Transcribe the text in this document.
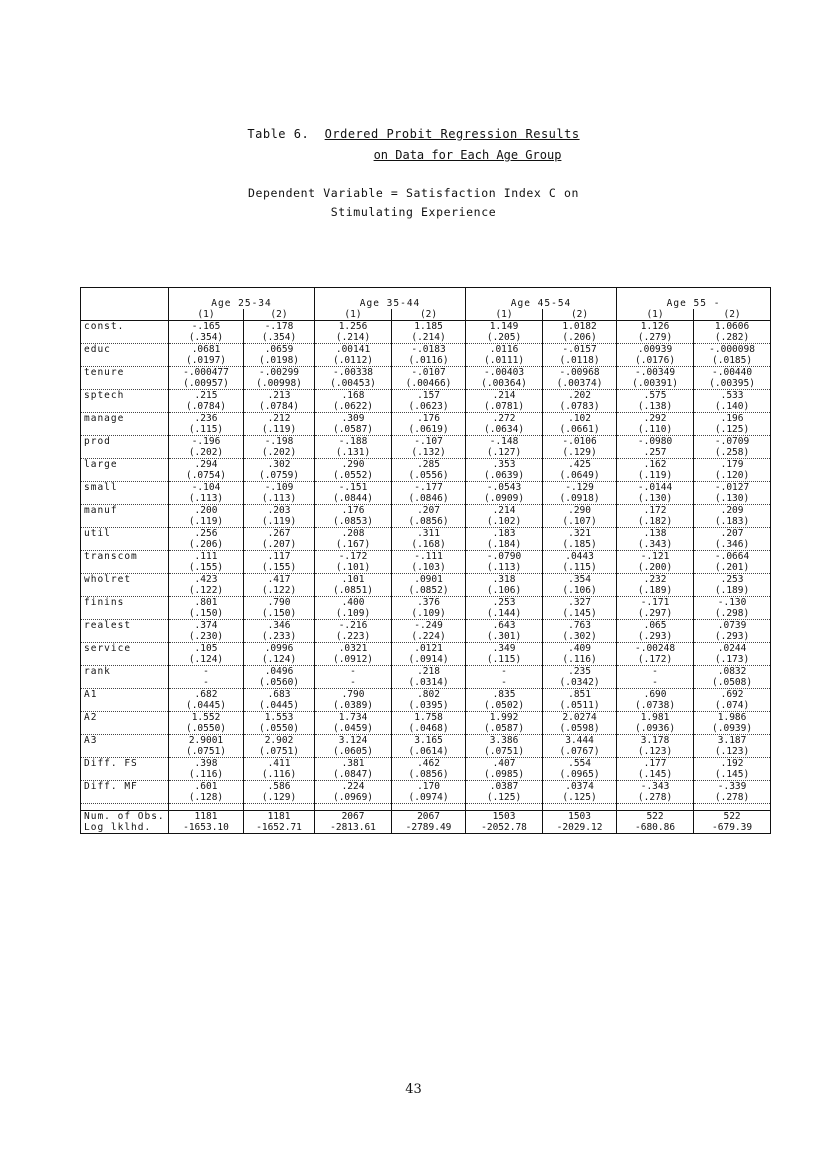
Table 6. Ordered Probit Regression Results
on Data for Each Age Group
Dependent Variable = Satisfaction Index C on
Stimulating Experience
	Age 25-34		Age 35-44		Age 45-54		Age 55 -	
	(1)	(2)	(1)	(2)	(1)	(2)	(1)	(2)
const.	-.165	-.178	1.256	1.185	1.149	1.0182	1.126	1.0606
	(.354)	(.354)	(.214)	(.214)	(.205)	(.206)	(.279)	(.282)
educ	.0681	.0659	.00141	-.0183	.0116	-.0157	.00939	-.000098
	(.0197)	(.0198)	(.0112)	(.0116)	(.0111)	(.0118)	(.0176)	(.0185)
tenure	-.000477	-.00299	-.00338	-.0107	-.00403	-.00968	-.00349	-.00440
	(.00957)	(.00998)	(.00453)	(.00466)	(.00364)	(.00374)	(.00391)	(.00395)
sptech	.215	.213	.168	.157	.214	.202	.575	.533
	(.0784)	(.0784)	(.0622)	(.0623)	(.0781)	(.0783)	(.138)	(.140)
manage	.236	.212	.309	.176	.272	.102	.292	.196
	(.115)	(.119)	(.0587)	(.0619)	(.0634)	(.0661)	(.110)	(.125)
prod	-.196	-.198	-.188	-.107	-.148	-.0106	-.0980	-.0709
	(.202)	(.202)	(.131)	(.132)	(.127)	(.129)	.257	(.258)
large	.294	.302	.290	.285	.353	.425	.162	.179
	(.0754)	(.0759)	(.0552)	(.0556)	(.0639)	(.0649)	(.119)	(.120)
small	-.104	-.109	-.151	-.177	-.0543	-.129	-.0144	-.0127
	(.113)	(.113)	(.0844)	(.0846)	(.0909)	(.0918)	(.130)	(.130)
manuf	.200	.203	.176	.207	.214	.290	.172	.209
	(.119)	(.119)	(.0853)	(.0856)	(.102)	(.107)	(.182)	(.183)
util	.256	.267	.208	.311	.183	.321	.138	.207
	(.206)	(.207)	(.167)	(.168)	(.184)	(.185)	(.343)	(.346)
transcom	.111	.117	-.172	-.111	-.0790	.0443	-.121	-.0664
	(.155)	(.155)	(.101)	(.103)	(.113)	(.115)	(.200)	(.201)
wholret	.423	.417	.101	.0901	.318	.354	.232	.253
	(.122)	(.122)	(.0851)	(.0852)	(.106)	(.106)	(.189)	(.189)
finins	.801	.790	.400	.376	.253	.327	-.171	-.130
	(.150)	(.150)	(.109)	(.109)	(.144)	(.145)	(.297)	(.298)
realest	.374	.346	-.216	-.249	.643	.763	.065	.0739
	(.230)	(.233)	(.223)	(.224)	(.301)	(.302)	(.293)	(.293)
service	.105	.0996	.0321	.0121	.349	.409	-.00248	.0244
	(.124)	(.124)	(.0912)	(.0914)	(.115)	(.116)	(.172)	(.173)
rank	-	.0496	-	.218	-	.235	-	.0832
	-	(.0560)	-	(.0314)	-	(.0342)	-	(.0508)
A1	.682	.683	.790	.802	.835	.851	.690	.692
	(.0445)	(.0445)	(.0389)	(.0395)	(.0502)	(.0511)	(.0738)	(.074)
A2	1.552	1.553	1.734	1.758	1.992	2.0274	1.981	1.986
	(.0550)	(.0550)	(.0459)	(.0468)	(.0587)	(.0598)	(.0936)	(.0939)
A3	2.9001	2.902	3.124	3.165	3.386	3.444	3.178	3.187
	(.0751)	(.0751)	(.0605)	(.0614)	(.0751)	(.0767)	(.123)	(.123)
Diff. FS	.398	.411	.381	.462	.407	.554	.177	.192
	(.116)	(.116)	(.0847)	(.0856)	(.0985)	(.0965)	(.145)	(.145)
Diff. MF	.601	.586	.224	.170	.0387	.0374	-.343	-.339
	(.128)	(.129)	(.0969)	(.0974)	(.125)	(.125)	(.278)	(.278)

Num. of Obs.	1181	1181	2067	2067	1503	1503	522	522
Log lklhd.	-1653.10	-1652.71	-2813.61	-2789.49	-2052.78	-2029.12	-680.86	-679.39
43
